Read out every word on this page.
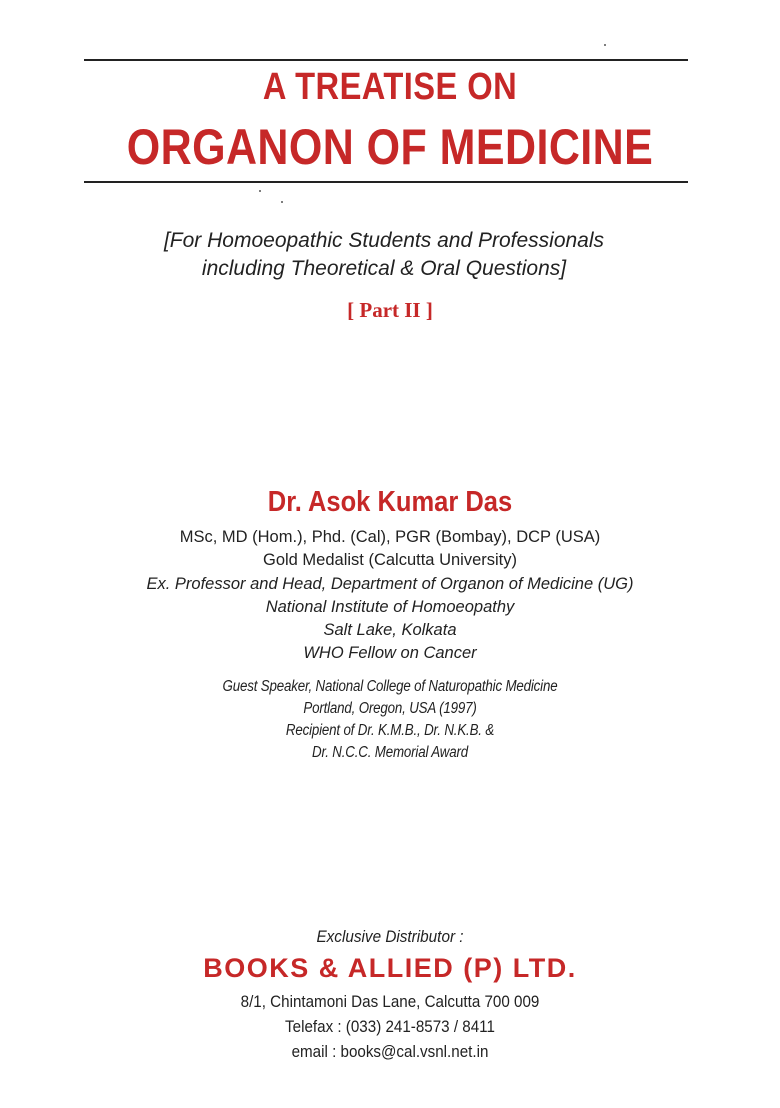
A TREATISE ON
ORGANON OF MEDICINE
[For Homoeopathic Students and Professionals
including Theoretical & Oral Questions]
[ Part II ]
Dr. Asok Kumar Das
MSc, MD (Hom.), Phd. (Cal), PGR (Bombay), DCP (USA)
Gold Medalist (Calcutta University)
Ex. Professor and Head, Department of Organon of Medicine (UG)
National Institute of Homoeopathy
Salt Lake, Kolkata
WHO Fellow on Cancer
Guest Speaker, National College of Naturopathic Medicine
Portland, Oregon, USA (1997)
Recipient of Dr. K.M.B., Dr. N.K.B. &
Dr. N.C.C. Memorial Award
Exclusive Distributor :
BOOKS & ALLIED (P) LTD.
8/1, Chintamoni Das Lane, Calcutta 700 009
Telefax : (033) 241-8573 / 8411
email : books@cal.vsnl.net.in
